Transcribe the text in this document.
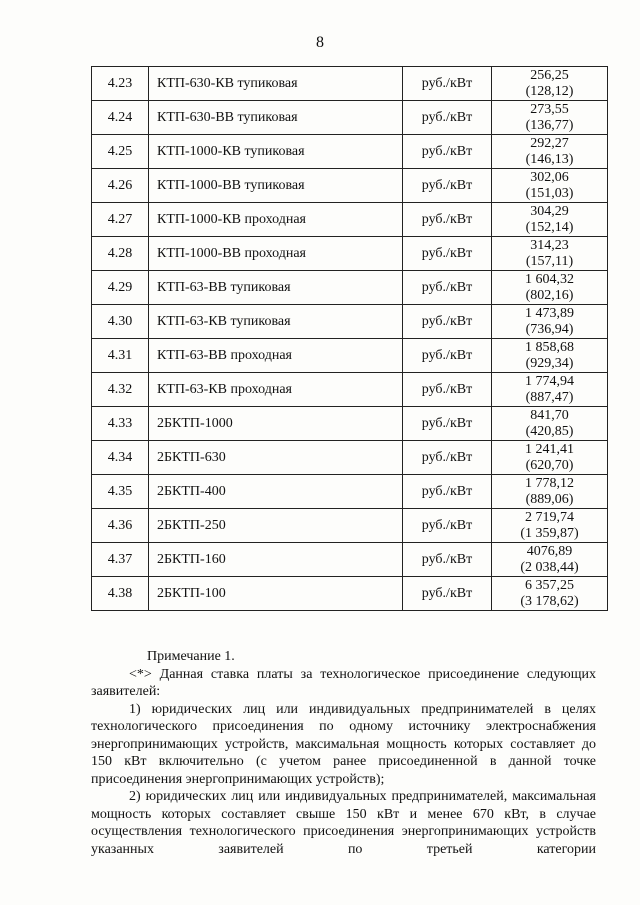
8
4.23	КТП-630-КВ тупиковая	руб./кВт	256,25
(128,12)

4.24	КТП-630-ВВ тупиковая	руб./кВт	273,55
(136,77)

4.25	КТП-1000-КВ тупиковая	руб./кВт	292,27
(146,13)

4.26	КТП-1000-ВВ тупиковая	руб./кВт	302,06
(151,03)

4.27	КТП-1000-КВ проходная	руб./кВт	304,29
(152,14)

4.28	КТП-1000-ВВ проходная	руб./кВт	314,23
(157,11)

4.29	КТП-63-ВВ тупиковая	руб./кВт	1 604,32
(802,16)

4.30	КТП-63-КВ тупиковая	руб./кВт	1 473,89
(736,94)

4.31	КТП-63-ВВ проходная	руб./кВт	1 858,68
(929,34)

4.32	КТП-63-КВ проходная	руб./кВт	1 774,94
(887,47)

4.33	2БКТП-1000	руб./кВт	841,70
(420,85)

4.34	2БКТП-630	руб./кВт	1 241,41
(620,70)

4.35	2БКТП-400	руб./кВт	1 778,12
(889,06)

4.36	2БКТП-250	руб./кВт	2 719,74
(1 359,87)

4.37	2БКТП-160	руб./кВт	4076,89
(2 038,44)

4.38	2БКТП-100	руб./кВт	6 357,25
(3 178,62)

Примечание 1.

<*> Данная ставка платы за технологическое присоединение следующих заявителей:

1) юридических лиц или индивидуальных предпринимателей в целях технологического присоединения по одному источнику электроснабжения энергопринимающих устройств, максимальная мощность которых составляет до 150 кВт включительно (с учетом ранее присоединенной в данной точке присоединения энергопринимающих устройств);

2) юридических лиц или индивидуальных предпринимателей, максимальная мощность которых составляет свыше 150 кВт и менее 670 кВт, в случае осуществления технологического присоединения энергопринимающих устройств указанных заявителей по третьей категории
